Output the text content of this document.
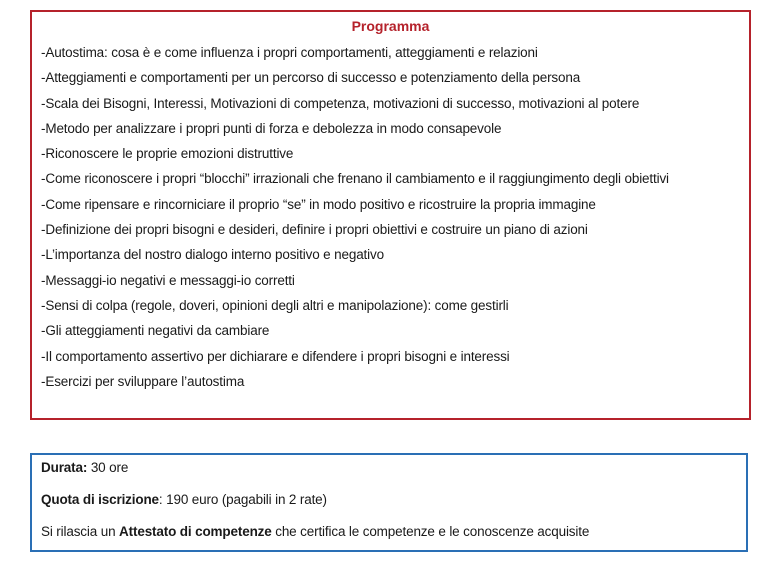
Programma
-Autostima: cosa è e come influenza i propri comportamenti, atteggiamenti e relazioni
-Atteggiamenti e comportamenti per un percorso di successo e potenziamento della persona
-Scala dei Bisogni, Interessi, Motivazioni di competenza, motivazioni di successo, motivazioni al potere
-Metodo per analizzare i propri punti di forza e debolezza in modo consapevole
-Riconoscere le proprie emozioni distruttive
-Come riconoscere i propri “blocchi” irrazionali che frenano il cambiamento e il raggiungimento degli obiettivi
-Come ripensare e rincorniciare il proprio “se” in modo positivo e ricostruire la propria immagine
-Definizione dei propri bisogni e desideri, definire i propri obiettivi e costruire un piano di azioni
-L’importanza del nostro dialogo interno positivo e negativo
-Messaggi-io negativi e messaggi-io corretti
-Sensi di colpa (regole, doveri, opinioni degli altri e manipolazione): come gestirli
-Gli atteggiamenti negativi da cambiare
-Il comportamento assertivo per dichiarare e difendere i propri bisogni e interessi
-Esercizi per sviluppare l’autostima
Durata: 30 ore
Quota di iscrizione: 190 euro (pagabili in 2 rate)
Si rilascia un Attestato di competenze che certifica le competenze e le conoscenze acquisite
